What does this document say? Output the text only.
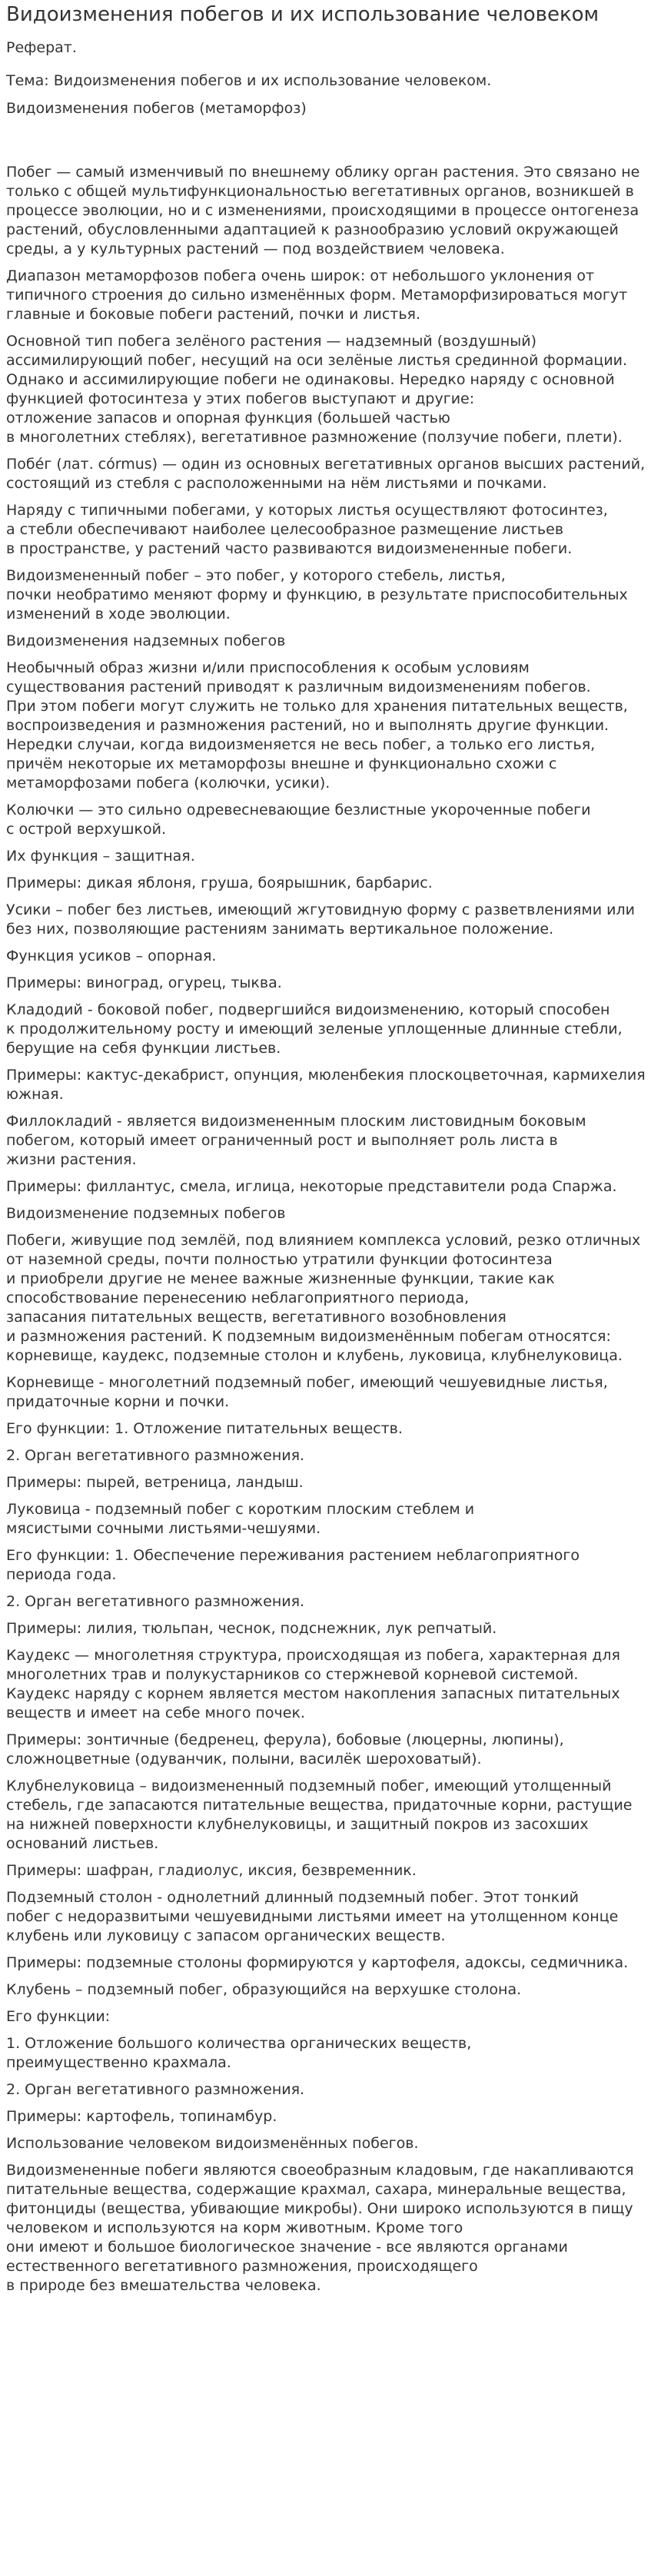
Видоизменения побегов и их использование человеком
Реферат.
Тема: Видоизменения побегов и их использование человеком.
Видоизменения побегов (метаморфоз)
Побег — самый изменчивый по внешнему облику орган растения. Это связано не
только с общей мультифункциональностью вегетативных органов, возникшей в
процессе эволюции, но и с изменениями, происходящими в процессе онтогенеза
растений, обусловленными адаптацией к разнообразию условий окружающей
среды, а у культурных растений — под воздействием человека.
Диапазон метаморфозов побега очень широк: от небольшого уклонения от
типичного строения до сильно изменённых форм. Метаморфизироваться могут
главные и боковые побеги растений, почки и листья.
Основной тип побега зелёного растения — надземный (воздушный)
ассимилирующий побег, несущий на оси зелёные листья срединной формации.
Однако и ассимилирующие побеги не одинаковы. Нередко наряду с основной
функцией фотосинтеза у этих побегов выступают и другие:
отложение запасов и опорная функция (большей частью
в многолетних стеблях), вегетативное размножение (ползучие побеги, плети).
Побе́г (лат. córmus) — один из основных вегетативных органов высших растений,
состоящий из стебля с расположенными на нём листьями и почками.
Наряду с типичными побегами, у которых листья осуществляют фотосинтез,
а стебли обеспечивают наиболее целесообразное размещение листьев
в пространстве, у растений часто развиваются видоизмененные побеги.
Видоизмененный побег – это побег, у которого стебель, листья,
почки необратимо меняют форму и функцию, в результате приспособительных
изменений в ходе эволюции.
Видоизменения надземных побегов
Необычный образ жизни и/или приспособления к особым условиям
существования растений приводят к различным видоизменениям побегов.
При этом побеги могут служить не только для хранения питательных веществ,
воспроизведения и размножения растений, но и выполнять другие функции.
Нередки случаи, когда видоизменяется не весь побег, а только его листья,
причём некоторые их метаморфозы внешне и функционально схожи с
метаморфозами побега (колючки, усики).
Колючки — это сильно одревесневающие безлистные укороченные побеги
с острой верхушкой.
Их функция – защитная.
Примеры: дикая яблоня, груша, боярышник, барбарис.
Усики – побег без листьев, имеющий жгутовидную форму с разветвлениями или
без них, позволяющие растениям занимать вертикальное положение.
Функция усиков – опорная.
Примеры: виноград, огурец, тыква.
Кладодий - боковой побег, подвергшийся видоизменению, который способен
к продолжительному росту и имеющий зеленые уплощенные длинные стебли,
берущие на себя функции листьев.
Примеры: кактус-декабрист, опунция, мюленбекия плоскоцветочная, кармихелия
южная.
Филлокладий - является видоизмененным плоским листовидным боковым
побегом, который имеет ограниченный рост и выполняет роль листа в
жизни растения.
Примеры: филлантус, смела, иглица, некоторые представители рода Спаржа.
Видоизменение подземных побегов
Побеги, живущие под землёй, под влиянием комплекса условий, резко отличных
от наземной среды, почти полностью утратили функции фотосинтеза
и приобрели другие не менее важные жизненные функции, такие как
способствование перенесению неблагоприятного периода,
запасания питательных веществ, вегетативного возобновления
и размножения растений. К подземным видоизменённым побегам относятся:
корневище, каудекс, подземные столон и клубень, луковица, клубнелуковица.
Корневище - многолетний подземный побег, имеющий чешуевидные листья,
придаточные корни и почки.
Его функции: 1. Отложение питательных веществ.
2. Орган вегетативного размножения.
Примеры: пырей, ветреница, ландыш.
Луковица - подземный побег с коротким плоским стеблем и
мясистыми сочными листьями-чешуями.
Его функции: 1. Обеспечение переживания растением неблагоприятного
периода года.
2. Орган вегетативного размножения.
Примеры: лилия, тюльпан, чеснок, подснежник, лук репчатый.
Каудекс — многолетняя структура, происходящая из побега, характерная для
многолетних трав и полукустарников со стержневой корневой системой.
Каудекс наряду с корнем является местом накопления запасных питательных
веществ и имеет на себе много почек.
Примеры: зонтичные (бедренец, ферула), бобовые (люцерны, люпины),
сложноцветные (одуванчик, полыни, василёк шероховатый).
Клубнелуковица – видоизмененный подземный побег, имеющий утолщенный
стебель, где запасаются питательные вещества, придаточные корни, растущие
на нижней поверхности клубнелуковицы, и защитный покров из засохших
оснований листьев.
Примеры: шафран, гладиолус, иксия, безвременник.
Подземный столон - однолетний длинный подземный побег. Этот тонкий
побег с недоразвитыми чешуевидными листьями имеет на утолщенном конце
клубень или луковицу с запасом органических веществ.
Примеры: подземные столоны формируются у картофеля, адоксы, седмичника.
Клубень – подземный побег, образующийся на верхушке столона.
Его функции:
1. Отложение большого количества органических веществ,
преимущественно крахмала.
2. Орган вегетативного размножения.
Примеры: картофель, топинамбур.
Использование человеком видоизменённых побегов.
Видоизмененные побеги являются своеобразным кладовым, где накапливаются
питательные вещества, содержащие крахмал, сахара, минеральные вещества,
фитонциды (вещества, убивающие микробы). Они широко используются в пищу
человеком и используются на корм животным. Кроме того
они имеют и большое биологическое значение - все являются органами
естественного вегетативного размножения, происходящего
в природе без вмешательства человека.
